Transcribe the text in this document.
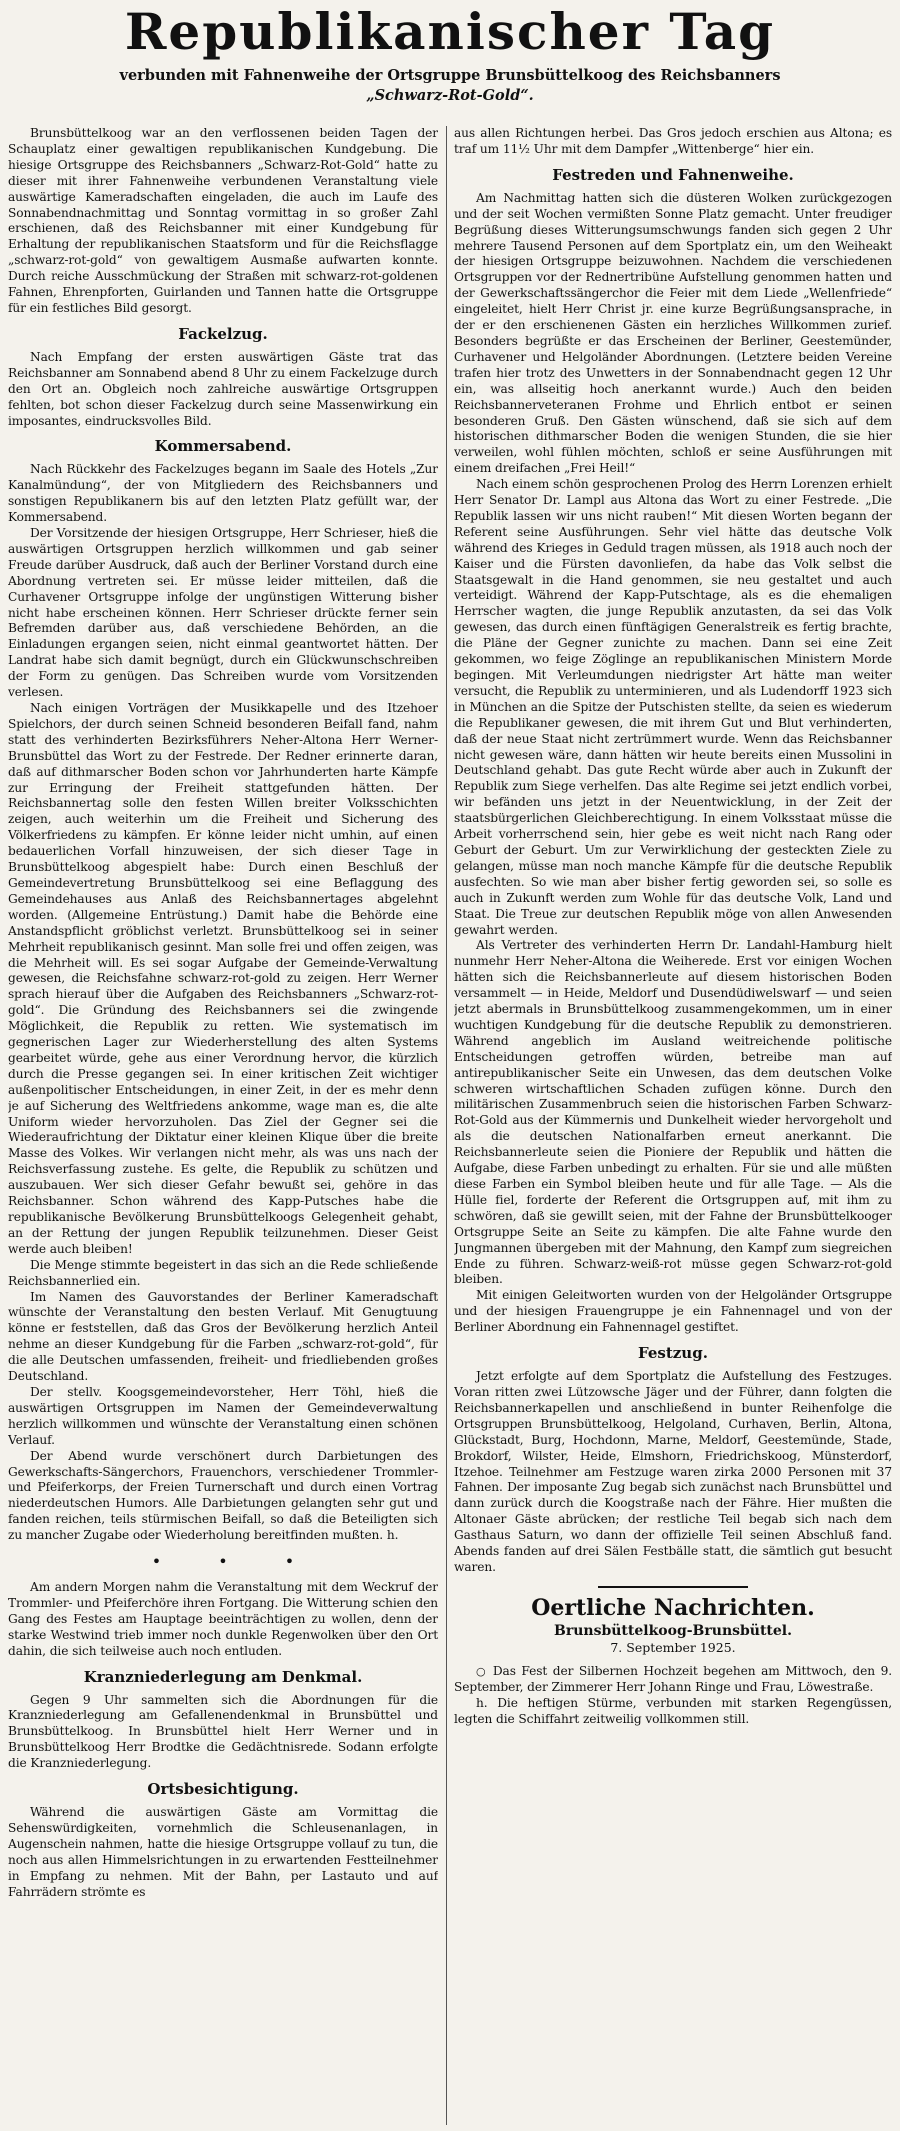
Republikanischer Tag

verbunden mit Fahnenweihe der Ortsgruppe Brunsbüttelkoog des Reichsbanners

„Schwarz-Rot-Gold“.

Brunsbüttelkoog war an den verflossenen beiden Tagen der Schauplatz einer gewaltigen republikanischen Kundgebung. Die hiesige Ortsgruppe des Reichsbanners „Schwarz-Rot-Gold“ hatte zu dieser mit ihrer Fahnenweihe verbundenen Veranstaltung viele auswärtige Kameradschaften eingeladen, die auch im Laufe des Sonnabendnachmittag und Sonntag vormittag in so großer Zahl erschienen, daß des Reichsbanner mit einer Kundgebung für Erhaltung der republikanischen Staatsform und für die Reichsflagge „schwarz-rot-gold“ von gewaltigem Ausmaße aufwarten konnte. Durch reiche Ausschmückung der Straßen mit schwarz-rot-goldenen Fahnen, Ehrenpforten, Guirlanden und Tannen hatte die Ortsgruppe für ein festliches Bild gesorgt.

Fackelzug.

Nach Empfang der ersten auswärtigen Gäste trat das Reichsbanner am Sonnabend abend 8 Uhr zu einem Fackelzuge durch den Ort an. Obgleich noch zahlreiche auswärtige Ortsgruppen fehlten, bot schon dieser Fackelzug durch seine Massenwirkung ein imposantes, eindrucksvolles Bild.

Kommersabend.

Nach Rückkehr des Fackelzuges begann im Saale des Hotels „Zur Kanalmündung“, der von Mitgliedern des Reichsbanners und sonstigen Republikanern bis auf den letzten Platz gefüllt war, der Kommersabend.

Der Vorsitzende der hiesigen Ortsgruppe, Herr Schrieser, hieß die auswärtigen Ortsgruppen herzlich willkommen und gab seiner Freude darüber Ausdruck, daß auch der Berliner Vorstand durch eine Abordnung vertreten sei. Er müsse leider mitteilen, daß die Curhavener Ortsgruppe infolge der ungünstigen Witterung bisher nicht habe erscheinen können. Herr Schrieser drückte ferner sein Befremden darüber aus, daß verschiedene Behörden, an die Einladungen ergangen seien, nicht einmal geantwortet hätten. Der Landrat habe sich damit begnügt, durch ein Glückwunschschreiben der Form zu genügen. Das Schreiben wurde vom Vorsitzenden verlesen.

Nach einigen Vorträgen der Musikkapelle und des Itzehoer Spielchors, der durch seinen Schneid besonderen Beifall fand, nahm statt des verhinderten Bezirksführers Neher-Altona Herr Werner-Brunsbüttel das Wort zu der Festrede. Der Redner erinnerte daran, daß auf dithmarscher Boden schon vor Jahrhunderten harte Kämpfe zur Erringung der Freiheit stattgefunden hätten. Der Reichsbannertag solle den festen Willen breiter Volksschichten zeigen, auch weiterhin um die Freiheit und Sicherung des Völkerfriedens zu kämpfen. Er könne leider nicht umhin, auf einen bedauerlichen Vorfall hinzuweisen, der sich dieser Tage in Brunsbüttelkoog abgespielt habe: Durch einen Beschluß der Gemeindevertretung Brunsbüttelkoog sei eine Beflaggung des Gemeindehauses aus Anlaß des Reichsbannertages abgelehnt worden. (Allgemeine Entrüstung.) Damit habe die Behörde eine Anstandspflicht gröblichst verletzt. Brunsbüttelkoog sei in seiner Mehrheit republikanisch gesinnt. Man solle frei und offen zeigen, was die Mehrheit will. Es sei sogar Aufgabe der Gemeinde-Verwaltung gewesen, die Reichsfahne schwarz-rot-gold zu zeigen. Herr Werner sprach hierauf über die Aufgaben des Reichsbanners „Schwarz-rot-gold“. Die Gründung des Reichsbanners sei die zwingende Möglichkeit, die Republik zu retten. Wie systematisch im gegnerischen Lager zur Wiederherstellung des alten Systems gearbeitet würde, gehe aus einer Verordnung hervor, die kürzlich durch die Presse gegangen sei. In einer kritischen Zeit wichtiger außenpolitischer Entscheidungen, in einer Zeit, in der es mehr denn je auf Sicherung des Weltfriedens ankomme, wage man es, die alte Uniform wieder hervorzuholen. Das Ziel der Gegner sei die Wiederaufrichtung der Diktatur einer kleinen Klique über die breite Masse des Volkes. Wir verlangen nicht mehr, als was uns nach der Reichsverfassung zustehe. Es gelte, die Republik zu schützen und auszubauen. Wer sich dieser Gefahr bewußt sei, gehöre in das Reichsbanner. Schon während des Kapp-Putsches habe die republikanische Bevölkerung Brunsbüttelkoogs Gelegenheit gehabt, an der Rettung der jungen Republik teilzunehmen. Dieser Geist werde auch bleiben!

Die Menge stimmte begeistert in das sich an die Rede schließende Reichsbannerlied ein.

Im Namen des Gauvorstandes der Berliner Kameradschaft wünschte der Veranstaltung den besten Verlauf. Mit Genugtuung könne er feststellen, daß das Gros der Bevölkerung herzlich Anteil nehme an dieser Kundgebung für die Farben „schwarz-rot-gold“, für die alle Deutschen umfassenden, freiheit- und friedliebenden großes Deutschland.

Der stellv. Koogsgemeindevorsteher, Herr Töhl, hieß die auswärtigen Ortsgruppen im Namen der Gemeindeverwaltung herzlich willkommen und wünschte der Veranstaltung einen schönen Verlauf.

Der Abend wurde verschönert durch Darbietungen des Gewerkschafts-Sängerchors, Frauenchors, verschiedener Trommler- und Pfeiferkorps, der Freien Turnerschaft und durch einen Vortrag niederdeutschen Humors. Alle Darbietungen gelangten sehr gut und fanden reichen, teils stürmischen Beifall, so daß die Beteiligten sich zu mancher Zugabe oder Wiederholung bereitfinden mußten. h.

• • •

Am andern Morgen nahm die Veranstaltung mit dem Weckruf der Trommler- und Pfeiferchöre ihren Fortgang. Die Witterung schien den Gang des Festes am Hauptage beeinträchtigen zu wollen, denn der starke Westwind trieb immer noch dunkle Regenwolken über den Ort dahin, die sich teilweise auch noch entluden.

Kranzniederlegung am Denkmal.

Gegen 9 Uhr sammelten sich die Abordnungen für die Kranzniederlegung am Gefallenendenkmal in Brunsbüttel und Brunsbüttelkoog. In Brunsbüttel hielt Herr Werner und in Brunsbüttelkoog Herr Brodtke die Gedächtnisrede. Sodann erfolgte die Kranzniederlegung.

Ortsbesichtigung.

Während die auswärtigen Gäste am Vormittag die Sehenswürdigkeiten, vornehmlich die Schleusenanlagen, in Augenschein nahmen, hatte die hiesige Ortsgruppe vollauf zu tun, die noch aus allen Himmelsrichtungen in zu erwartenden Festteilnehmer in Empfang zu nehmen. Mit der Bahn, per Lastauto und auf Fahrrädern strömte es

aus allen Richtungen herbei. Das Gros jedoch erschien aus Altona; es traf um 11½ Uhr mit dem Dampfer „Wittenberge“ hier ein.

Festreden und Fahnenweihe.

Am Nachmittag hatten sich die düsteren Wolken zurückgezogen und der seit Wochen vermißten Sonne Platz gemacht. Unter freudiger Begrüßung dieses Witterungsumschwungs fanden sich gegen 2 Uhr mehrere Tausend Personen auf dem Sportplatz ein, um den Weiheakt der hiesigen Ortsgruppe beizuwohnen. Nachdem die verschiedenen Ortsgruppen vor der Rednertribüne Aufstellung genommen hatten und der Gewerkschaftssängerchor die Feier mit dem Liede „Wellenfriede“ eingeleitet, hielt Herr Christ jr. eine kurze Begrüßungsansprache, in der er den erschienenen Gästen ein herzliches Willkommen zurief. Besonders begrüßte er das Erscheinen der Berliner, Geestemünder, Curhavener und Helgoländer Abordnungen. (Letztere beiden Vereine trafen hier trotz des Unwetters in der Sonnabendnacht gegen 12 Uhr ein, was allseitig hoch anerkannt wurde.) Auch den beiden Reichsbannerveteranen Frohme und Ehrlich entbot er seinen besonderen Gruß. Den Gästen wünschend, daß sie sich auf dem historischen dithmarscher Boden die wenigen Stunden, die sie hier verweilen, wohl fühlen möchten, schloß er seine Ausführungen mit einem dreifachen „Frei Heil!“

Nach einem schön gesprochenen Prolog des Herrn Lorenzen erhielt Herr Senator Dr. Lampl aus Altona das Wort zu einer Festrede. „Die Republik lassen wir uns nicht rauben!“ Mit diesen Worten begann der Referent seine Ausführungen. Sehr viel hätte das deutsche Volk während des Krieges in Geduld tragen müssen, als 1918 auch noch der Kaiser und die Fürsten davonliefen, da habe das Volk selbst die Staatsgewalt in die Hand genommen, sie neu gestaltet und auch verteidigt. Während der Kapp-Putschtage, als es die ehemaligen Herrscher wagten, die junge Republik anzutasten, da sei das Volk gewesen, das durch einen fünftägigen Generalstreik es fertig brachte, die Pläne der Gegner zunichte zu machen. Dann sei eine Zeit gekommen, wo feige Zöglinge an republikanischen Ministern Morde begingen. Mit Verleumdungen niedrigster Art hätte man weiter versucht, die Republik zu unterminieren, und als Ludendorff 1923 sich in München an die Spitze der Putschisten stellte, da seien es wiederum die Republikaner gewesen, die mit ihrem Gut und Blut verhinderten, daß der neue Staat nicht zertrümmert wurde. Wenn das Reichsbanner nicht gewesen wäre, dann hätten wir heute bereits einen Mussolini in Deutschland gehabt. Das gute Recht würde aber auch in Zukunft der Republik zum Siege verhelfen. Das alte Regime sei jetzt endlich vorbei, wir befänden uns jetzt in der Neuentwicklung, in der Zeit der staatsbürgerlichen Gleichberechtigung. In einem Volksstaat müsse die Arbeit vorherrschend sein, hier gebe es weit nicht nach Rang oder Geburt der Geburt. Um zur Verwirklichung der gesteckten Ziele zu gelangen, müsse man noch manche Kämpfe für die deutsche Republik ausfechten. So wie man aber bisher fertig geworden sei, so solle es auch in Zukunft werden zum Wohle für das deutsche Volk, Land und Staat. Die Treue zur deutschen Republik möge von allen Anwesenden gewahrt werden.

Als Vertreter des verhinderten Herrn Dr. Landahl-Hamburg hielt nunmehr Herr Neher-Altona die Weiherede. Erst vor einigen Wochen hätten sich die Reichsbannerleute auf diesem historischen Boden versammelt — in Heide, Meldorf und Dusendüdiwelswarf — und seien jetzt abermals in Brunsbüttelkoog zusammengekommen, um in einer wuchtigen Kundgebung für die deutsche Republik zu demonstrieren. Während angeblich im Ausland weitreichende politische Entscheidungen getroffen würden, betreibe man auf antirepublikanischer Seite ein Unwesen, das dem deutschen Volke schweren wirtschaftlichen Schaden zufügen könne. Durch den militärischen Zusammenbruch seien die historischen Farben Schwarz-Rot-Gold aus der Kümmernis und Dunkelheit wieder hervorgeholt und als die deutschen Nationalfarben erneut anerkannt. Die Reichsbannerleute seien die Pioniere der Republik und hätten die Aufgabe, diese Farben unbedingt zu erhalten. Für sie und alle müßten diese Farben ein Symbol bleiben heute und für alle Tage. — Als die Hülle fiel, forderte der Referent die Ortsgruppen auf, mit ihm zu schwören, daß sie gewillt seien, mit der Fahne der Brunsbüttelkooger Ortsgruppe Seite an Seite zu kämpfen. Die alte Fahne wurde den Jungmannen übergeben mit der Mahnung, den Kampf zum siegreichen Ende zu führen. Schwarz-weiß-rot müsse gegen Schwarz-rot-gold bleiben.

Mit einigen Geleitworten wurden von der Helgoländer Ortsgruppe und der hiesigen Frauengruppe je ein Fahnennagel und von der Berliner Abordnung ein Fahnennagel gestiftet.

Festzug.

Jetzt erfolgte auf dem Sportplatz die Aufstellung des Festzuges. Voran ritten zwei Lützowsche Jäger und der Führer, dann folgten die Reichsbannerkapellen und anschließend in bunter Reihenfolge die Ortsgruppen Brunsbüttelkoog, Helgoland, Curhaven, Berlin, Altona, Glückstadt, Burg, Hochdonn, Marne, Meldorf, Geestemünde, Stade, Brokdorf, Wilster, Heide, Elmshorn, Friedrichskoog, Münsterdorf, Itzehoe. Teilnehmer am Festzuge waren zirka 2000 Personen mit 37 Fahnen. Der imposante Zug begab sich zunächst nach Brunsbüttel und dann zurück durch die Koogstraße nach der Fähre. Hier mußten die Altonaer Gäste abrücken; der restliche Teil begab sich nach dem Gasthaus Saturn, wo dann der offizielle Teil seinen Abschluß fand. Abends fanden auf drei Sälen Festbälle statt, die sämtlich gut besucht waren.

Oertliche Nachrichten.

Brunsbüttelkoog-Brunsbüttel.

7. September 1925.

○ Das Fest der Silbernen Hochzeit begehen am Mittwoch, den 9. September, der Zimmerer Herr Johann Ringe und Frau, Löwestraße.

h. Die heftigen Stürme, verbunden mit starken Regengüssen, legten die Schiffahrt zeitweilig vollkommen still.
